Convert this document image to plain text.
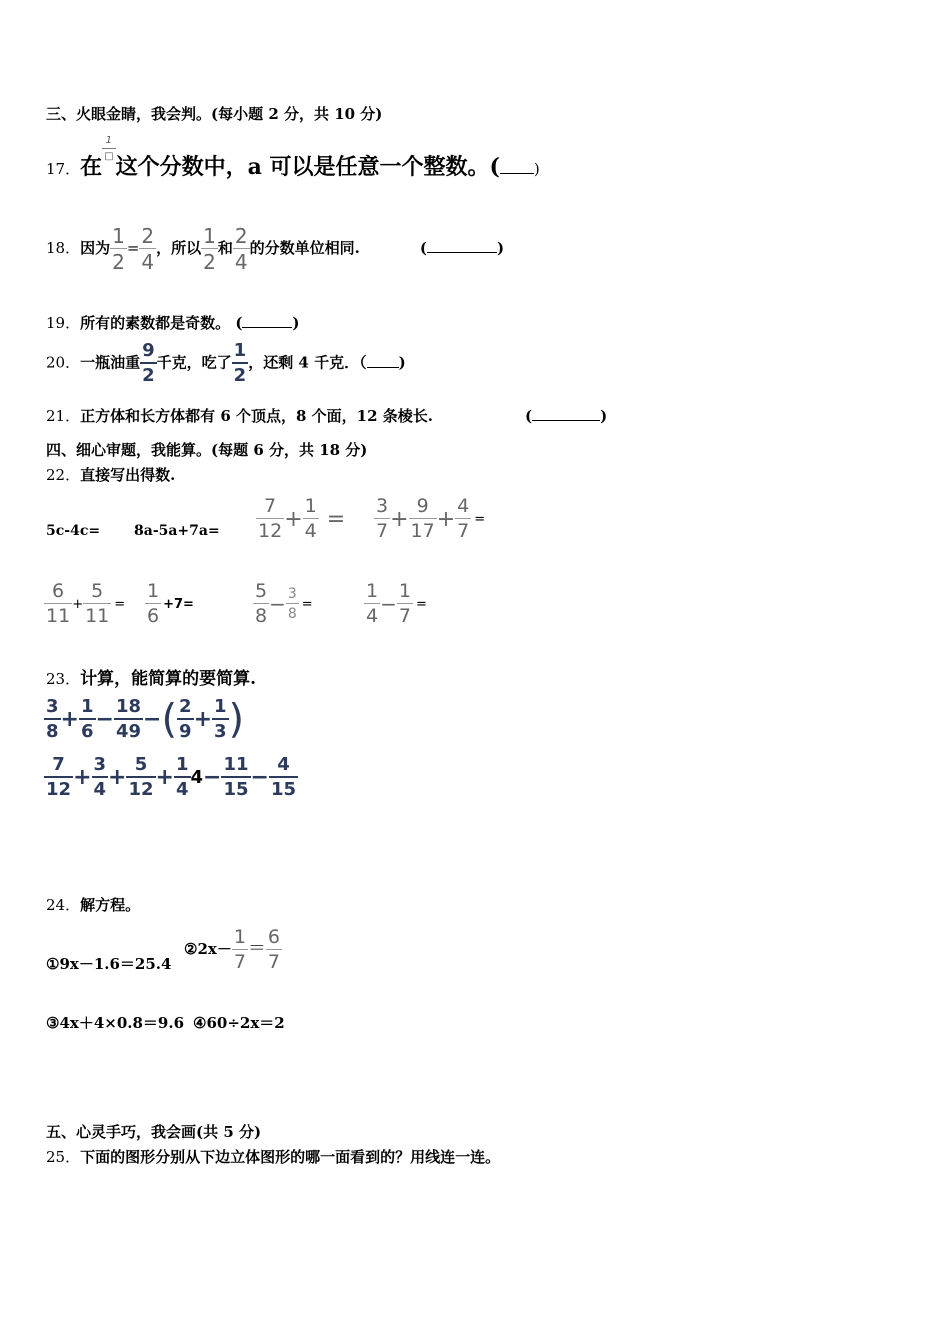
三、火眼金睛，我会判。(每小题 2 分，共 10 分)
17．在
$\frac{1}{□}$
这个分数中，a 可以是任意一个整数。( )
18．因为 $\frac{1}{2} = \frac{2}{4}$ ，所以 $\frac{1}{2}$ 和 $\frac{2}{4}$ 的分数单位相同.	(	)
19．所有的素数都是奇数。 (	)
20．一瓶油重 $\frac{9}{2}$ 千克，吃了 $\frac{1}{2}$ ，还剩 4 千克．（ )
21．正方体和长方体都有 6 个顶点，8 个面，12 条棱长.	(	)
四、细心审题，我能算。(每题 6 分，共 18 分)
22．直接写出得数.
$5c-4c= 8a-5a+7a= \frac{7}{12} + \frac{1}{4} = \frac{3}{7} + \frac{9}{17} + \frac{4}{7}$ =
$\frac{6}{11} + \frac{5}{11} = \frac{1}{6} +7=$	$\frac{5}{8} - \frac{3}{8}$ =	$\frac{1}{4} - \frac{1}{7}$ =
23．计算，能简算的要简算.
$\frac{3}{8} + \frac{1}{6} - \frac{18}{49}$ −( $\frac{2}{9} + \frac{1}{3}$ )
$\frac{7}{12} + \frac{3}{4} + \frac{5}{12} + \frac{1}{4} 4- \frac{11}{15} - \frac{4}{15}$
24．解方程。
①9x－1.6＝25.4
②2x－ $\frac{1}{7} = \frac{6}{7}$
③4x＋4×0.8＝9.6 ④60÷2x＝2
五、心灵手巧，我会画(共 5 分)
25．下面的图形分别从下边立体图形的哪一面看到的？用线连一连。
